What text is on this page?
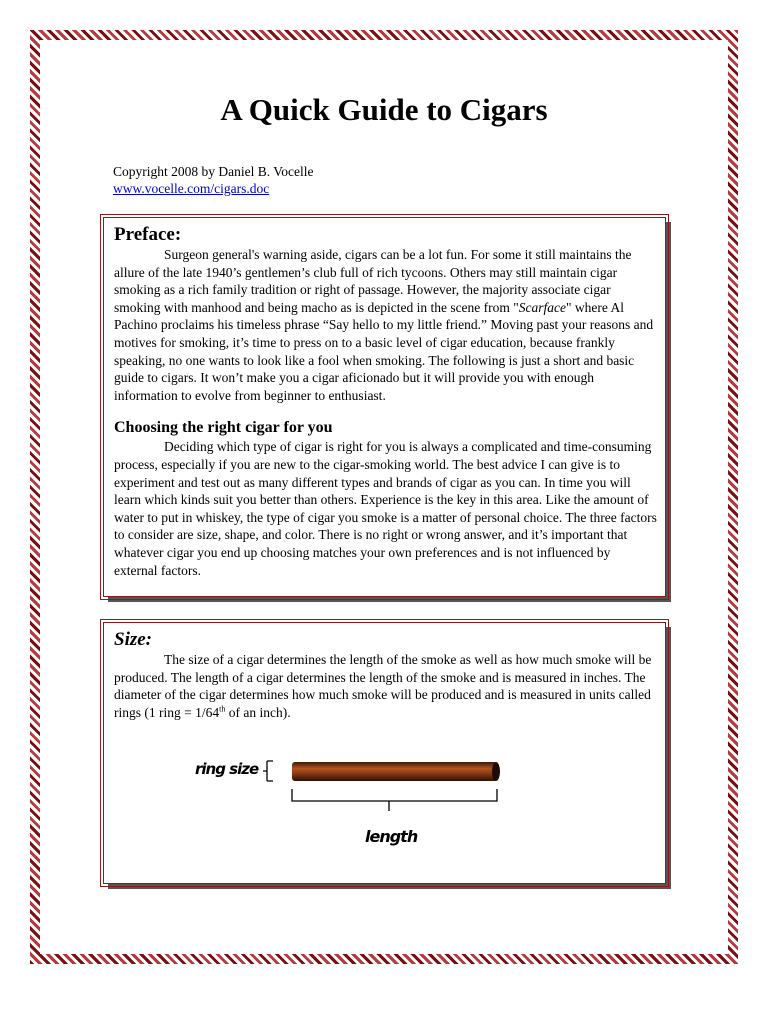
A Quick Guide to Cigars
Copyright 2008 by Daniel B. Vocelle
www.vocelle.com/cigars.doc
Preface:

Surgeon general's warning aside, cigars can be a lot fun. For some it still maintains the allure of the late 1940’s gentlemen’s club full of rich tycoons. Others may still maintain cigar smoking as a rich family tradition or right of passage. However, the majority associate cigar smoking with manhood and being macho as is depicted in the scene from "Scarface" where Al Pachino proclaims his timeless phrase “Say hello to my little friend.” Moving past your reasons and motives for smoking, it’s time to press on to a basic level of cigar education, because frankly speaking, no one wants to look like a fool when smoking. The following is just a short and basic guide to cigars. It won’t make you a cigar aficionado but it will provide you with enough information to evolve from beginner to enthusiast.

Choosing the right cigar for you

Deciding which type of cigar is right for you is always a complicated and time-consuming process, especially if you are new to the cigar-smoking world. The best advice I can give is to experiment and test out as many different types and brands of cigar as you can. In time you will learn which kinds suit you better than others. Experience is the key in this area. Like the amount of water to put in whiskey, the type of cigar you smoke is a matter of personal choice. The three factors to consider are size, shape, and color. There is no right or wrong answer, and it’s important that whatever cigar you end up choosing matches your own preferences and is not influenced by external factors.

Size:

The size of a cigar determines the length of the smoke as well as how much smoke will be produced. The length of a cigar determines the length of the smoke and is measured in inches. The diameter of the cigar determines how much smoke will be produced and is measured in units called rings (1 ring = 1/64th of an inch).

ring size
length
